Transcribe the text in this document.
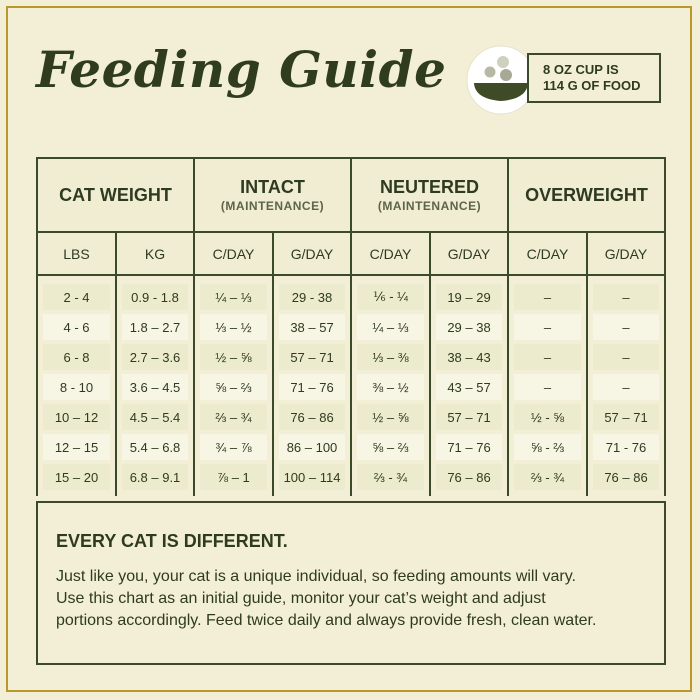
Feeding Guide	8 OZ CUP IS
114 G OF FOOD
CAT WEIGHT		INTACT
(MAINTENANCE)		NEUTERED
(MAINTENANCE)		OVERWEIGHT	

LBS	KG	C/DAY	G/DAY	C/DAY	G/DAY	C/DAY	G/DAY

2 - 4	0.9 - 1.8	¼ – ⅓	29 - 38	⅙ - ¼	19 – 29	–	–

4 - 6	1.8 – 2.7	⅓ – ½	38 – 57	¼ – ⅓	29 – 38	–	–

6 - 8	2.7 – 3.6	½ – ⅝	57 – 71	⅓ – ⅜	38 – 43	–	–

8 - 10	3.6 – 4.5	⅝ – ⅔	71 – 76	⅜ – ½	43 – 57	–	–

10 – 12	4.5 – 5.4	⅔ – ¾	76 – 86	½ – ⅝	57 – 71	½ - ⅝	57 – 71

12 – 15	5.4 – 6.8	¾ – ⅞	86 – 100	⅝ – ⅔	71 – 76	⅝ - ⅔	71 - 76

15 – 20	6.8 – 9.1	⅞ – 1	100 – 114	⅔ - ¾	76 – 86	⅔ - ¾	76 – 86
EVERY CAT IS DIFFERENT.
Just like you, your cat is a unique individual, so feeding amounts will vary.
Use this chart as an initial guide, monitor your cat’s weight and adjust
portions accordingly. Feed twice daily and always provide fresh, clean water.
